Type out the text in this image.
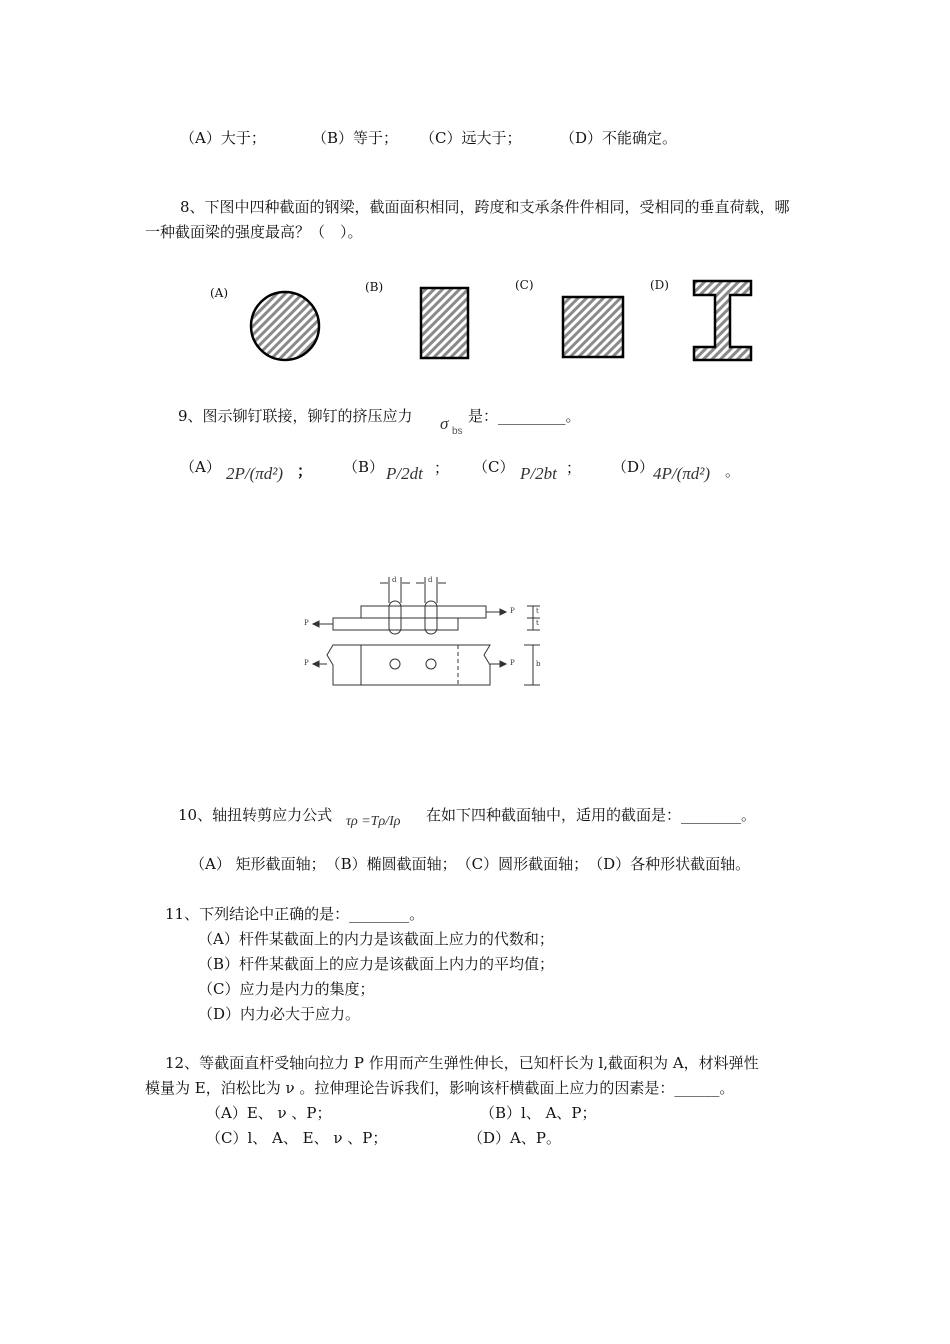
（A）大于；	（B）等于； （C）远大于；	（D）不能确定。
8、下图中四种截面的钢梁，截面面积相同，跨度和支承条件件相同，受相同的垂直荷载，哪
一种截面梁的强度最高？（　）。
(A)	(B)	(C)	(D)
9、图示铆钉联接，铆钉的挤压应力 σ bs
是：_________。
（A） 2P/(πd²) ； （B） P/2dt ； （C） P/2bt ； （D）
4P/(πd²) 。
d	d
P
P
t
t
P
P	b
10、轴扭转剪应力公式 τρ =Tρ/Iρ 在如下四种截面轴中，适用的截面是：________。
（A） 矩形截面轴；　（B）椭圆截面轴；　（C）圆形截面轴；　（D）各种形状截面轴。
11、下列结论中正确的是：________。
（A）杆件某截面上的内力是该截面上应力的代数和；
（B）杆件某截面上的应力是该截面上内力的平均值；
（C）应力是内力的集度；
（D）内力必大于应力。
12、等截面直杆受轴向拉力 P 作用而产生弹性伸长，已知杆长为 l,截面积为 A，材料弹性
模量为 E，泊松比为 ν 。拉伸理论告诉我们，影响该杆横截面上应力的因素是：______。
（A）E、 ν 、P；	（B）l、 A、P；
（C）l、 A、 E、 ν 、P；	（D）A、P。
